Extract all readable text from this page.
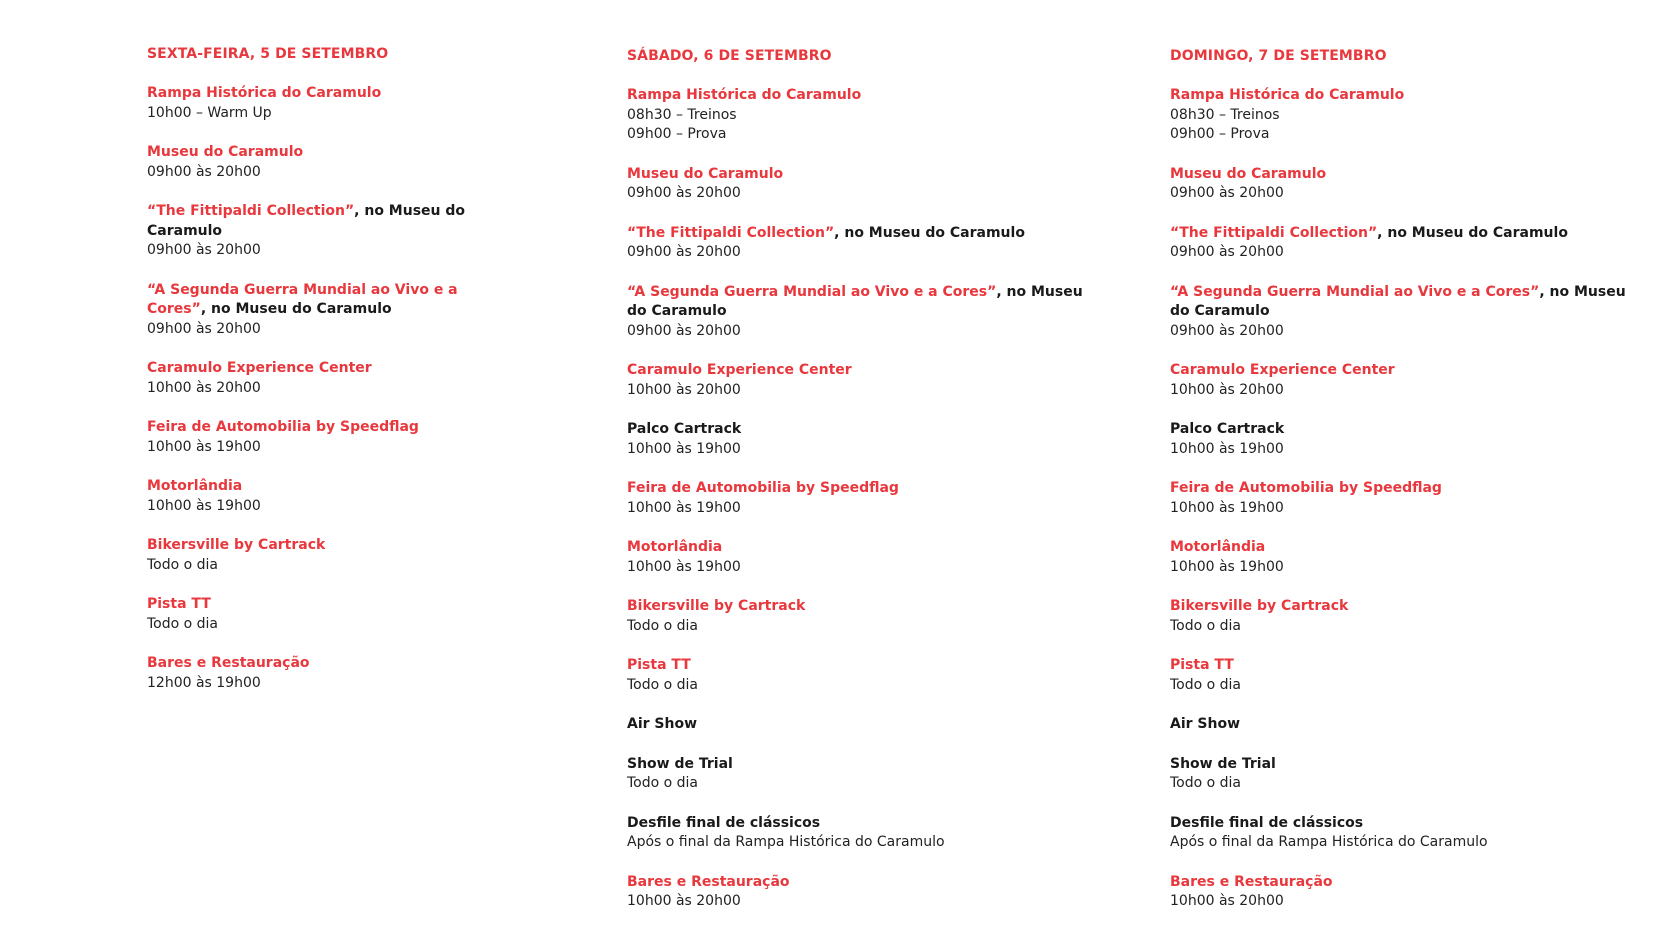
SEXTA-FEIRA, 5 DE SETEMBRO
Rampa Histórica do Caramulo
10h00 – Warm Up
Museu do Caramulo
09h00 às 20h00
“The Fittipaldi Collection”, no Museu do Caramulo
09h00 às 20h00
“A Segunda Guerra Mundial ao Vivo e a Cores”, no Museu do Caramulo
09h00 às 20h00
Caramulo Experience Center
10h00 às 20h00
Feira de Automobilia by Speedflag
10h00 às 19h00
Motorlândia
10h00 às 19h00
Bikersville by Cartrack
Todo o dia
Pista TT
Todo o dia
Bares e Restauração
12h00 às 19h00
SÁBADO, 6 DE SETEMBRO
Rampa Histórica do Caramulo
08h30 – Treinos
09h00 – Prova
Museu do Caramulo
09h00 às 20h00
“The Fittipaldi Collection”, no Museu do Caramulo
09h00 às 20h00
“A Segunda Guerra Mundial ao Vivo e a Cores”, no Museu do Caramulo
09h00 às 20h00
Caramulo Experience Center
10h00 às 20h00
Palco Cartrack
10h00 às 19h00
Feira de Automobilia by Speedflag
10h00 às 19h00
Motorlândia
10h00 às 19h00
Bikersville by Cartrack
Todo o dia
Pista TT
Todo o dia
Air Show
Show de Trial
Todo o dia
Desfile final de clássicos
Após o final da Rampa Histórica do Caramulo
Bares e Restauração
10h00 às 20h00
DOMINGO, 7 DE SETEMBRO
Rampa Histórica do Caramulo
08h30 – Treinos
09h00 – Prova
Museu do Caramulo
09h00 às 20h00
“The Fittipaldi Collection”, no Museu do Caramulo
09h00 às 20h00
“A Segunda Guerra Mundial ao Vivo e a Cores”, no Museu do Caramulo
09h00 às 20h00
Caramulo Experience Center
10h00 às 20h00
Palco Cartrack
10h00 às 19h00
Feira de Automobilia by Speedflag
10h00 às 19h00
Motorlândia
10h00 às 19h00
Bikersville by Cartrack
Todo o dia
Pista TT
Todo o dia
Air Show
Show de Trial
Todo o dia
Desfile final de clássicos
Após o final da Rampa Histórica do Caramulo
Bares e Restauração
10h00 às 20h00
